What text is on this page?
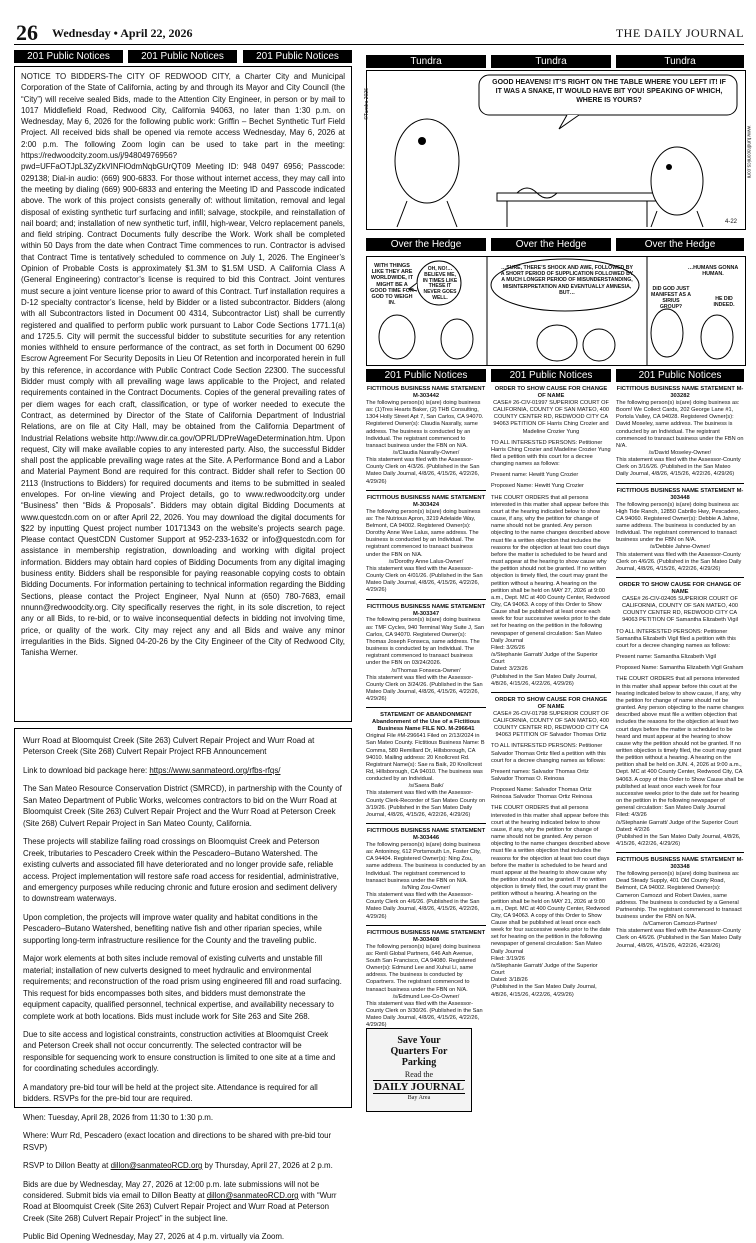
26 Wednesday • April 22, 2026	THE DAILY JOURNAL
201 Public Notices	201 Public Notices	201 Public Notices	Tundra	Tundra	Tundra

NOTICE TO BIDDERS-The CITY OF REDWOOD CITY, a Charter City and Municipal Corporation of the State of California, acting by and through its Mayor and City Council (the “City”) will receive sealed Bids, made to the Attention City Engineer, in person or by mail to 1017 Middlefield Road, Redwood City, California 94063, no later than 1:30 p.m. on Wednesday, May 6, 2026 for the following public work: Griffin – Bechet Synthetic Turf Field Project. All received bids shall be opened via remote access Wednesday, May 6, 2026 at 2:00 p.m. The following Zoom login can be used to take part in the meeting: https://redwoodcity.zoom.us/j/94804976956?pwd=UFFaOTJpL3ZyZkVINFlOdmNqbGUrQT09 Meeting ID: 948 0497 6956; Passcode: 029138; Dial-in audio: (669) 900-6833. For those without internet access, they may call into the meeting by dialing (669) 900-6833 and entering the Meeting ID and Passcode indicated above. The work of this project consists generally of: without limitation, removal and legal disposal of existing synthetic turf surfacing and infill; salvage, stockpile, and reinstallation of nail board; and; installation of new synthetic turf, infill, high-wear, Velcro replacement panels, and field striping. Contract Documents fully describe the Work. Work shall be completed within 50 Days from the date when Contract Time commences to run. Contractor is advised that Contract Time is tentatively scheduled to commence on July 1, 2026. The Engineer’s Opinion of Probable Costs is approximately $1.3M to $1.5M USD. A California Class A (General Engineering) contractor’s license is required to bid this Contract. Joint ventures must secure a joint venture license prior to award of this Contract. Turf installation requires a D-12 specialty contractor’s license, held by Bidder or a listed subcontractor. Bidders (along with all Subcontractors listed in Document 00 4314, Subcontractor List) shall be currently registered and qualified to perform public work pursuant to Labor Code Sections 1771.1(a) and 1725.5. City will permit the successful bidder to substitute securities for any retention monies withheld to ensure performance of the contract, as set forth in Document 00 6290 Escrow Agreement For Security Deposits in Lieu Of Retention and incorporated herein in full by this reference, in accordance with Public Contract Code Section 22300. The successful Bidder must comply with all prevailing wage laws applicable to the Project, and related requirements contained in the Contract Documents. Copies of the general prevailing rates of per diem wages for each craft, classification, or type of worker needed to execute the Contract, as determined by Director of the State of California Department of Industrial Relations, are on file at City Hall, may be obtained from the California Department of Industrial Relations website http://www.dir.ca.gov/OPRL/DPreWageDetermination.htm. Upon request, City will make available copies to any interested party. Also, the successful Bidder shall post the applicable prevailing wage rates at the Site. A Performance Bond and a Labor and Material Payment Bond are required for this contract. Bidder shall refer to Section 00 2113 (Instructions to Bidders) for required documents and items to be submitted in sealed envelopes. For on-line viewing and Project details, go to www.redwoodcity.org under “Business” then “Bids & Proposals”. Bidders may obtain digital Bidding Documents at www.questcdn.com on or after April 22, 2026. You may download the digital documents for $22 by inputting Quest project number 10171343 on the website’s projects search page. Please contact QuestCDN Customer Support at 952-233-1632 or info@questcdn.com for assistance in membership registration, downloading and working with digital project information. Bidders may obtain hard copies of Bidding Documents from any digital imaging business entity. Bidders shall be responsible for paying reasonable copying costs to obtain Bidding Documents. For information pertaining to technical information regarding the Bidding Sections, please contact the Project Engineer, Nyal Nunn at (650) 780-7683, email nnunn@redwoodcity.org. City specifically reserves the right, in its sole discretion, to reject any or all Bids, to re-bid, or to waive inconsequential defects in bidding not involving time, price, or quality of the work. City may reject any and all Bids and waive any minor irregularities in the Bids. Signed 04-20-26 by the City Engineer of the City of Redwood City, Tanisha Werner.

Wurr Road at Bloomquist Creek (Site 263) Culvert Repair Project and Wurr Road at Peterson Creek (Site 268) Culvert Repair Project RFB Announcement

Link to download bid package here: https://www.sanmateord.org/rfbs-rfqs/

The San Mateo Resource Conservation District (SMRCD), in partnership with the County of San Mateo Department of Public Works, welcomes contractors to bid on the Wurr Road at Bloomquist Creek (Site 263) Culvert Repair Project and the Wurr Road at Peterson Creek (Site 268) Culvert Repair Project in San Mateo County, California.

These projects will stabilize failing road crossings on Bloomquist Creek and Peterson Creek, tributaries to Pescadero Creek within the Pescadero–Butano Watershed. The existing culverts and associated fill have deteriorated and no longer provide safe, reliable access. Project implementation will restore safe road access for residential, administrative, and emergency purposes while reducing chronic and future erosion and sediment delivery to downstream waterways.

Upon completion, the projects will improve water quality and habitat conditions in the Pescadero–Butano Watershed, benefiting native fish and other riparian species, while supporting long-term infrastructure resilience for the County and the traveling public.

Major work elements at both sites include removal of existing culverts and unstable fill material; installation of new culverts designed to meet hydraulic and environmental requirements; and reconstruction of the road prism using engineered fill and road surfacing.

This request for bids encompasses both sites, and bidders must demonstrate the equipment capacity, qualified personnel, technical expertise, and availability necessary to complete work at both locations. Bids must include work for Site 263 and Site 268.

Due to site access and logistical constraints, construction activities at Bloomquist Creek and Peterson Creek shall not occur concurrently. The selected contractor will be responsible for sequencing work to ensure construction is limited to one site at a time and for coordinating schedules accordingly.

A mandatory pre-bid tour will be held at the project site. Attendance is required for all bidders. RSVPs for the pre-bid tour are required.

When: Tuesday, April 28, 2026 from 11:30 to 1:30 p.m.

Where: Wurr Rd, Pescadero (exact location and directions to be shared with pre-bid tour RSVP)

RSVP to Dillon Beatty at dillon@sanmateoRCD.org by Thursday, April 27, 2026 at 2 p.m.

Bids are due by Wednesday, May 27, 2026 at 12:00 p.m. late submissions will not be considered. Submit bids via email to Dillon Beatty at dillon@sanmateoRCD.org with “Wurr Road at Bloomquist Creek (Site 263) Culvert Repair Project and Wurr Road at Peterson Creek (Site 268) Culvert Repair Project” in the subject line.

Public Bid Opening Wednesday, May 27, 2026 at 4 p.m. virtually via Zoom.

GOOD HEAVENS! IT’S RIGHT ON THE TABLE WHERE YOU LEFT IT! IF IT WAS A SNAKE, IT WOULD HAVE BIT YOU! SPEAKING OF WHICH, WHERE IS YOURS?
©Tundra 2026
www.tundracomics.com
4-22
Over the Hedge	Over the Hedge	Over the Hedge
WITH THINGS LIKE THEY ARE WORLDWIDE, IT MIGHT BE A GOOD TIME FOR GOD TO WEIGH IN.
OH, NO!… BELIEVE ME, IN TIMES LIKE THESE IT NEVER GOES WELL.
…SURE, THERE’S SHOCK AND AWE, FOLLOWED BY A SHORT PERIOD OF SUPPLICATION FOLLOWED BY A MUCH LONGER PERIOD OF MISUNDERSTANDING, MISINTERPRETATION AND EVENTUALLY AMNESIA, BUT…
…HUMANS GONNA HUMAN.
DID GOD JUST MANIFEST AS A SIRIUS GROUP?
HE DID INDEED.
201 Public Notices	201 Public Notices	201 Public Notices

FICTITIOUS BUSINESS NAME STATEMENT M-303442

The following person(s) is(are) doing business as: (1)Tres Hearts Baker, (2) THB Consulting, 1304 Holly Street Apt 7, San Carlos, CA 94070. Registered Owner(s): Claudia Nasrally, same address. The business is conducted by an Individual. The registrant commenced to transact business under the FBN on N/A.

/s/Claudia Nasrally-Owner/

This statement was filed with the Assessor-County Clerk on 4/3/26. (Published in the San Mateo Daily Journal, 4/8/26, 4/15/26, 4/22/26, 4/29/26)

FICTITIOUS BUSINESS NAME STATEMENT M-303424

The following person(s) is(are) doing business as: The Nutrious Apron, 3219 Adelaide Way, Belmont, CA 94002. Registered Owner(s): Dorothy Anne Wee Lalus, same address. The business is conducted by an Individual. The registrant commenced to transact business under the FBN on N/A.

/s/Dorothy Anne Lalus-Owner/

This statement was filed with the Assessor-County Clerk on 4/01/26. (Published in the San Mateo Daily Journal, 4/8/26, 4/15/26, 4/22/26, 4/29/26)

FICTITIOUS BUSINESS NAME STATEMENT M-303347

The following person(s) is(are) doing business as: TMF Cycles, 940 Terminal Way Suite J, San Carlos, CA 94070. Registered Owner(s): Thomas Joseph Fonseca, same address. The business is conducted by an Individual. The registrant commenced to transact business under the FBN on 03/24/2026.

/s/Thomas Fonseca-Owner/

This statement was filed with the Assessor-County Clerk on 3/24/26. (Published in the San Mateo Daily Journal, 4/8/26, 4/15/26, 4/22/26, 4/29/26)

STATEMENT OF ABANDONMENT Abandonment of the Use of a Fictitious Business Name FILE NO. M-296641

Original File #M-296641 Filed on 2/13/2024 in San Mateo County. Fictitious Business Name: B Comma, 580 Remillard Dr, Hillsborough, CA 94010. Mailing address: 20 Knollcrest Rd. Registrant Name(s): Sae ra Baik, 20 Knollcrest Rd, Hillsborough, CA 94010. The business was conducted by an Individual.

/s/Saera Baik/

This statement was filed with the Assessor-County Clerk-Recorder of San Mateo County on 3/19/26. (Published in the San Mateo Daily Journal, 4/8/26, 4/15/26, 4/22/26, 4/29/26)

FICTITIOUS BUSINESS NAME STATEMENT M-303446

The following person(s) is(are) doing business as: Antoninoy, 612 Portsmouth Ln, Foster City, CA 94404. Registered Owner(s): Ning Zou, same address. The business is conducted by an Individual. The registrant commenced to transact business under the FBN on N/A.

/s/Ning Zou-Owner/

This statement was filed with the Assessor-County Clerk on 4/6/26. (Published in the San Mateo Daily Journal, 4/8/26, 4/15/26, 4/22/26, 4/29/26)

FICTITIOUS BUSINESS NAME STATEMENT M-303408

The following person(s) is(are) doing business as: Renli Global Partners, 646 Ash Avenue, South San Francisco, CA 94080. Registered Owner(s): Edmund Lee and Xuhui Li, same address. The business is conducted by Copartners. The registrant commenced to transact business under the FBN on N/A.

/s/Edmund Lee-Co-Owner/

This statement was filed with the Assessor-County Clerk on 3/30/26. (Published in the San Mateo Daily Journal, 4/8/26, 4/15/26, 4/22/26, 4/29/26)

ORDER TO SHOW CAUSE FOR CHANGE OF NAME

CASE# 26-CIV-01997 SUPERIOR COURT OF CALIFORNIA, COUNTY OF SAN MATEO, 400 COUNTY CENTER RD, REDWOOD CITY CA 94063 PETITION OF Harris Ching Crozier and Madeline Crozier Yung

TO ALL INTERESTED PERSONS: Petitioner Harris Ching Crozier and Madeline Crozier Yung filed a petition with this court for a decree changing names as follows:

Present name: Hewitt Yung Crozier

Proposed Name: Hewitt Yung Crozier

THE COURT ORDERS that all persons interested in this matter shall appear before this court at the hearing indicated below to show cause, if any, why the petition for change of name should not be granted. Any person objecting to the name changes described above must file a written objection that includes the reasons for the objection at least two court days before the matter is scheduled to be heard and must appear at the hearing to show cause why the petition should not be granted. If no written objection is timely filed, the court may grant the petition without a hearing. A hearing on the petition shall be held on MAY 27, 2026 at 9:00 a.m., Dept. MC at 400 County Center, Redwood City, CA 94063. A copy of this Order to Show Cause shall be published at least once each week for four successive weeks prior to the date set for hearing on the petition in the following newspaper of general circulation: San Mateo Daily Journal

Filed: 3/26/26

/s/Stephanie Garratt/ Judge of the Superior Court

Dated: 3/23/26

(Published in the San Mateo Daily Journal, 4/8/26, 4/15/26, 4/22/26, 4/29/26)

ORDER TO SHOW CAUSE FOR CHANGE OF NAME

CASE# 26-CIV-01798 SUPERIOR COURT OF CALIFORNIA, COUNTY OF SAN MATEO, 400 COUNTY CENTER RD, REDWOOD CITY CA 94063 PETITION OF Salvador Thomas Ortiz

TO ALL INTERESTED PERSONS: Petitioner Salvador Thomas Ortiz filed a petition with this court for a decree changing names as follows:

Present names: Salvador Thomas Ortiz Salvador Thomas O. Reinosa

Proposed Name: Salvador Thomas Ortiz Reinosa Salvador Thomas Ortiz Reinosa

THE COURT ORDERS that all persons interested in this matter shall appear before this court at the hearing indicated below to show cause, if any, why the petition for change of name should not be granted. Any person objecting to the name changes described above must file a written objection that includes the reasons for the objection at least two court days before the matter is scheduled to be heard and must appear at the hearing to show cause why the petition should not be granted. If no written objection is timely filed, the court may grant the petition without a hearing. A hearing on the petition shall be held on MAY 21, 2026 at 9:00 a.m., Dept. MC at 400 County Center, Redwood City, CA 94063. A copy of this Order to Show Cause shall be published at least once each week for four successive weeks prior to the date set for hearing on the petition in the following newspaper of general circulation: San Mateo Daily Journal

Filed: 3/19/26

/s/Stephanie Garratt/ Judge of the Superior Court

Dated: 3/18/26

(Published in the San Mateo Daily Journal, 4/8/26, 4/15/26, 4/22/26, 4/29/26)

FICTITIOUS BUSINESS NAME STATEMENT M-303282

The following person(s) is(are) doing business as: Boom! We Collect Cards, 202 George Lane #1, Portola Valley, CA 94028. Registered Owner(s): David Moseley, same address. The business is conducted by an Individual. The registrant commenced to transact business under the FBN on N/A.

/s/David Moseley-Owner/

This statement was filed with the Assessor-County Clerk on 3/16/26. (Published in the San Mateo Daily Journal, 4/8/26, 4/15/26, 4/22/26, 4/29/26)

FICTITIOUS BUSINESS NAME STATEMENT M-303448

The following person(s) is(are) doing business as: High Tide Ranch, 12850 Cabrillo Hwy, Pescadero, CA 94060. Registered Owner(s): Debbie A Jahne, same address. The business is conducted by an Individual. The registrant commenced to transact business under the FBN on N/A.

/s/Debbie Jahne-Owner/

This statement was filed with the Assessor-County Clerk on 4/6/26. (Published in the San Mateo Daily Journal, 4/8/26, 4/15/26, 4/22/26, 4/29/26)

ORDER TO SHOW CAUSE FOR CHANGE OF NAME

CASE# 26-CIV-02405 SUPERIOR COURT OF CALIFORNIA, COUNTY OF SAN MATEO, 400 COUNTY CENTER RD, REDWOOD CITY CA 94063 PETITION OF Samantha Elizabeth Vigil

TO ALL INTERESTED PERSONS: Petitioner Samantha Elizabeth Vigil filed a petition with this court for a decree changing names as follows:

Present name: Samantha Elizabeth Vigil

Proposed Name: Samantha Elizabeth Vigil Graham

THE COURT ORDERS that all persons interested in this matter shall appear before this court at the hearing indicated below to show cause, if any, why the petition for change of name should not be granted. Any person objecting to the name changes described above must file a written objection that includes the reasons for the objection at least two court days before the matter is scheduled to be heard and must appear at the hearing to show cause why the petition should not be granted. If no written objection is timely filed, the court may grant the petition without a hearing. A hearing on the petition shall be held on JUN. 4, 2026 at 9:00 a.m., Dept. MC at 400 County Center, Redwood City, CA 94063. A copy of this Order to Show Cause shall be published at least once each week for four successive weeks prior to the date set for hearing on the petition in the following newspaper of general circulation: San Mateo Daily Journal

Filed: 4/3/26

/s/Stephanie Garratt/ Judge of the Superior Court

Dated: 4/2/26

(Published in the San Mateo Daily Journal, 4/8/26, 4/15/26, 4/22/26, 4/29/26)

FICTITIOUS BUSINESS NAME STATEMENT M-303348

The following person(s) is(are) doing business as: Dead Steady Supply, 401 Old County Road, Belmont, CA 94002. Registered Owner(s): Cameron Camozzi and Robert Davies, same address. The business is conducted by a General Partnership. The registrant commenced to transact business under the FBN on N/A.

/s/Cameron Camozzi-Partner/

This statement was filed with the Assessor-County Clerk on 4/6/26. (Published in the San Mateo Daily Journal, 4/8/26, 4/15/26, 4/22/26, 4/29/26)

Save Your
Quarters For
Parking
Read the
DAILY JOURNAL
Bay Area
